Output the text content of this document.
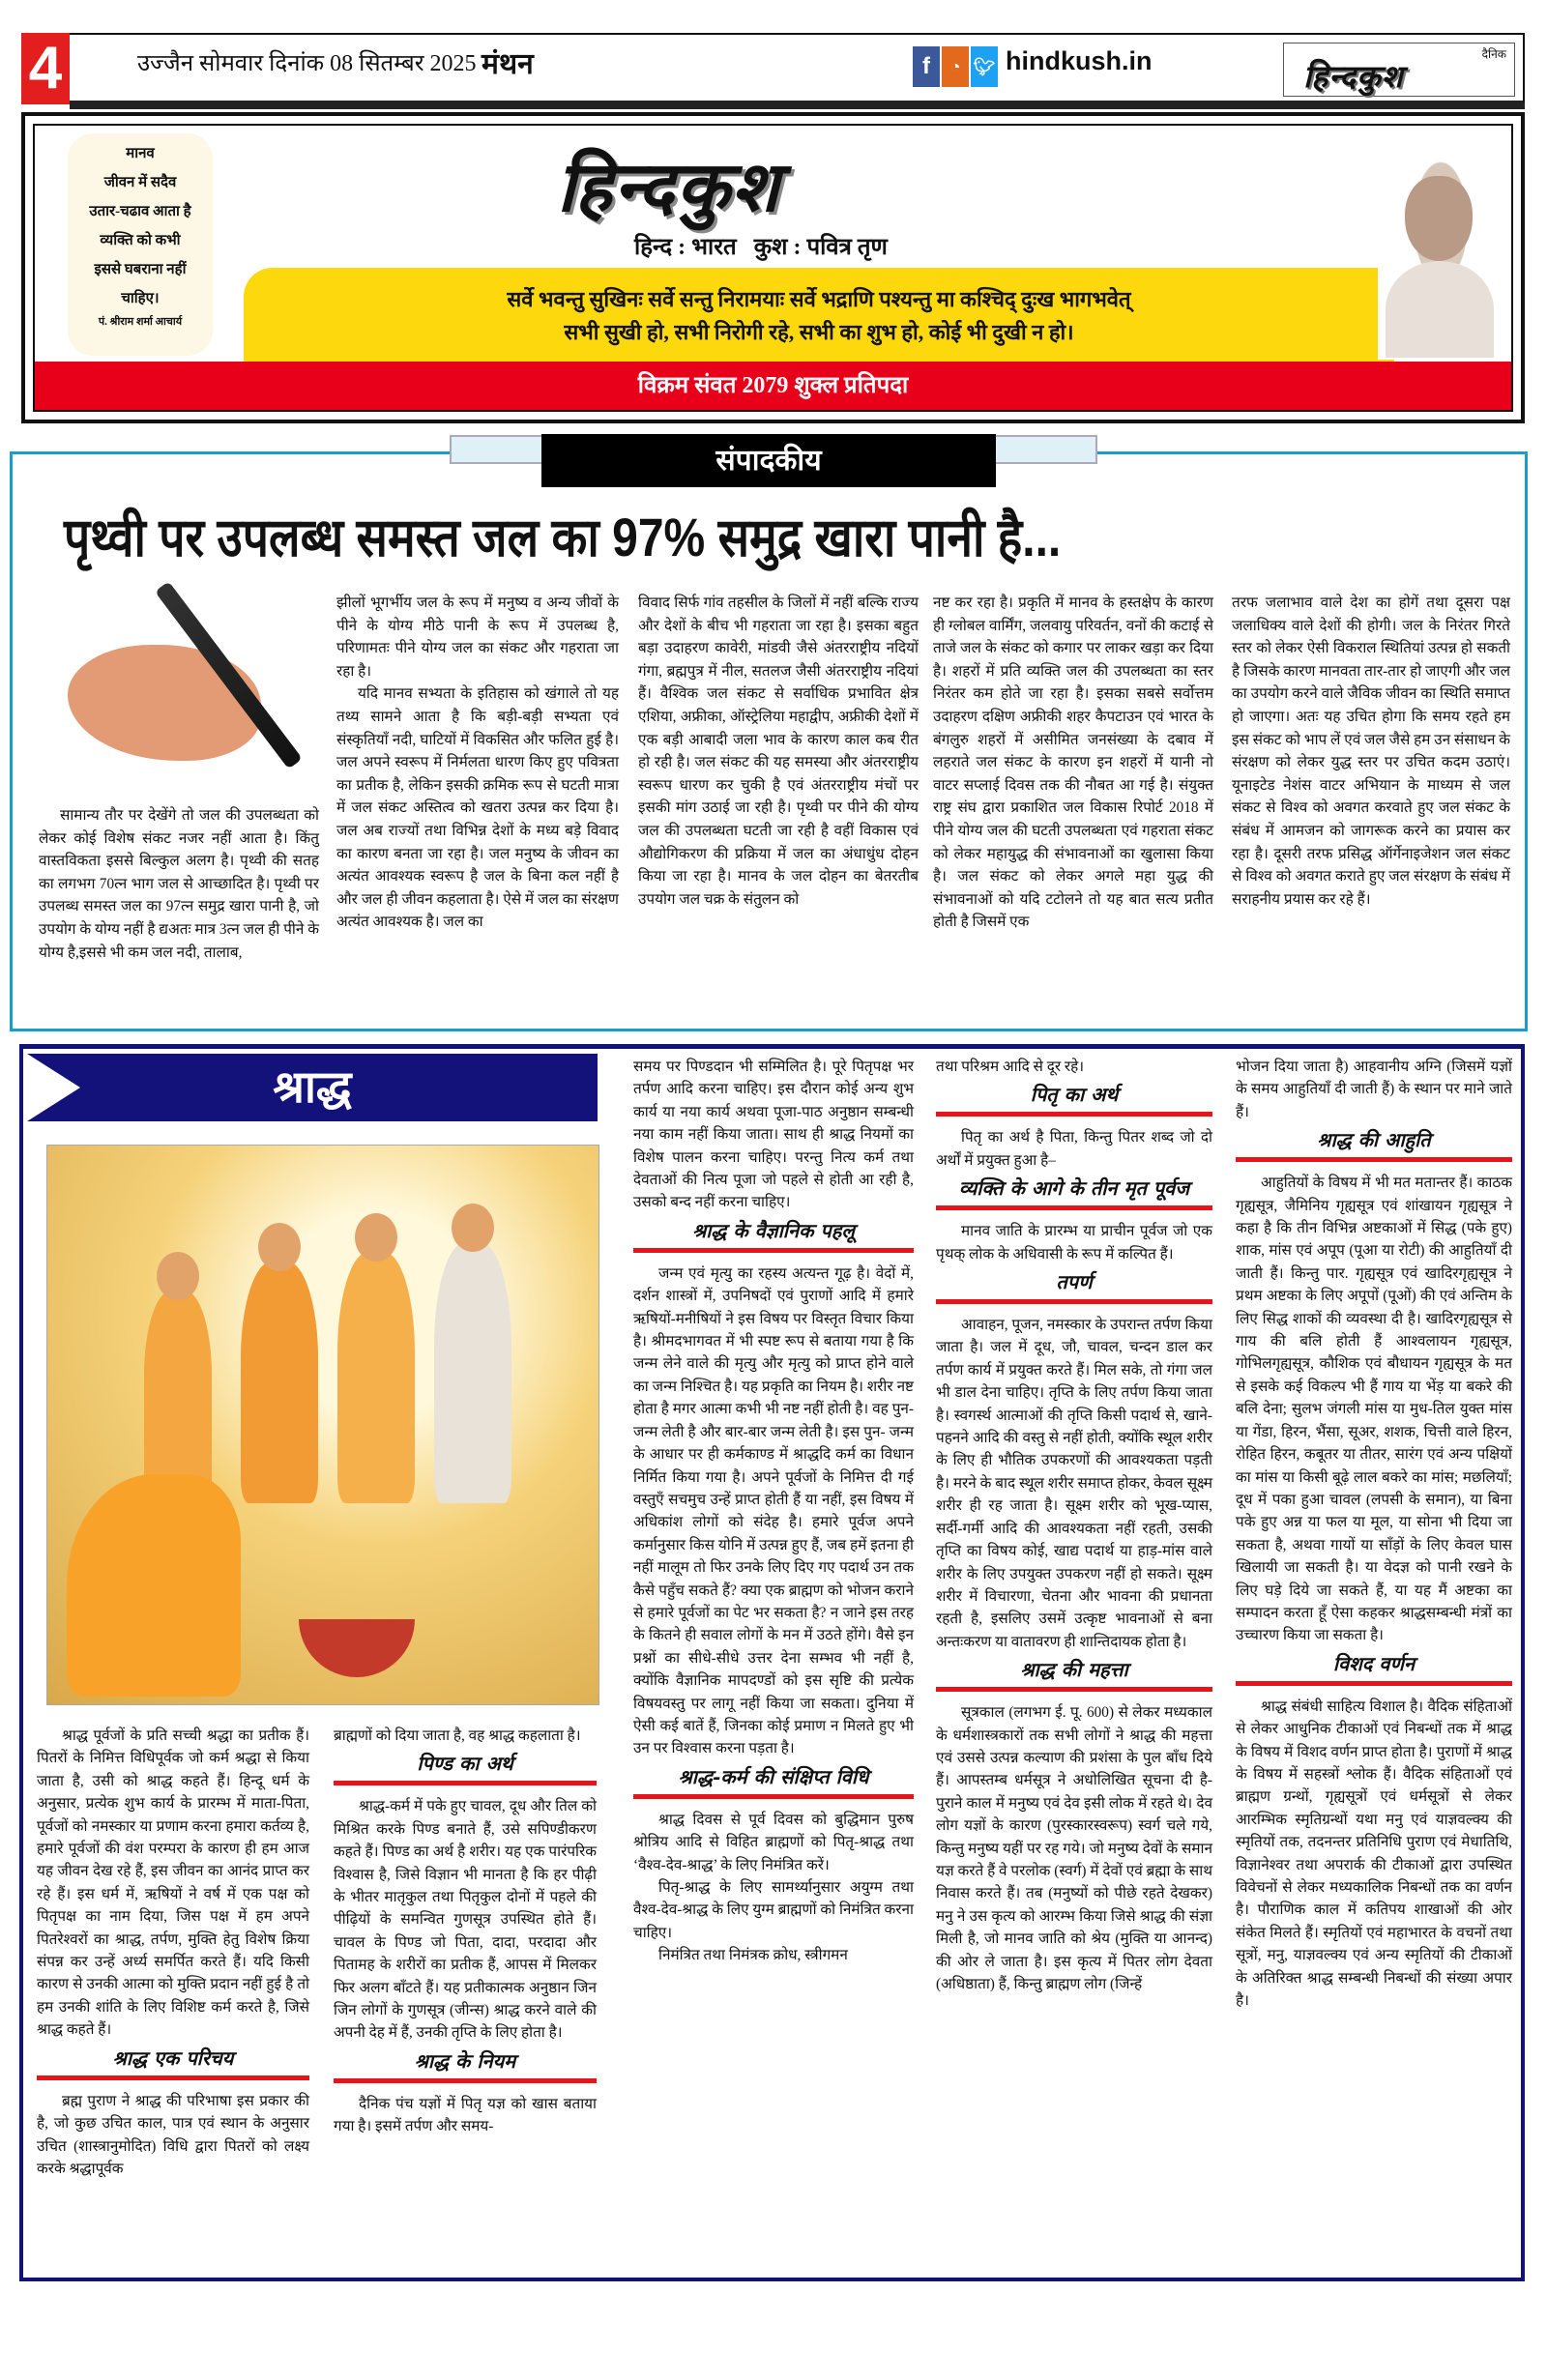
4	उज्जैन सोमवार दिनांक 08 सितम्बर 2025 मंथन	f	◔ 🐦︎ hindkush.in	दैनिक
हिन्दकुश
मानव
जीवन में सदैव
उतार-चढाव आता है
व्यक्ति को कभी
इससे घबराना नहीं
चाहिए।
पं. श्रीराम शर्मा आचार्य
हिन्दकुश
हिन्द : भारत   कुश : पवित्र तृण
सर्वे भवन्तु सुखिनः सर्वे सन्तु निरामयाः सर्वे भद्राणि पश्यन्तु मा कश्चिद् दुःख भागभवेत्
सभी सुखी हो, सभी निरोगी रहे, सभी का शुभ हो, कोई भी दुखी न हो।
विक्रम संवत 2079 शुक्ल प्रतिपदा
संपादकीय
पृथ्वी पर उपलब्ध समस्त जल का 97% समुद्र खारा पानी है...

सामान्य तौर पर देखेंगे तो जल की उपलब्धता को लेकर कोई विशेष संकट नजर नहीं आता है। किंतु वास्तविकता इससे बिल्कुल अलग है। पृथ्वी की सतह का लगभग 70त्न भाग जल से आच्छादित है। पृथ्वी पर उपलब्ध समस्त जल का 97त्न समुद्र खारा पानी है, जो उपयोग के योग्य नहीं है द्यअतः मात्र 3त्न जल ही पीने के योग्य है,इससे भी कम जल नदी, तालाब,

झीलों भूगर्भीय जल के रूप में मनुष्य व अन्य जीवों के पीने के योग्य मीठे पानी के रूप में उपलब्ध है, परिणामतः पीने योग्य जल का संकट और गहराता जा रहा है।

यदि मानव सभ्यता के इतिहास को खंगाले तो यह तथ्य सामने आता है कि बड़ी-बड़ी सभ्यता एवं संस्कृतियाँ नदी, घाटियों में विकसित और फलित हुई है। जल अपने स्वरूप में निर्मलता धारण किए हुए पवित्रता का प्रतीक है, लेकिन इसकी क्रमिक रूप से घटती मात्रा में जल संकट अस्तित्व को खतरा उत्पन्न कर दिया है। जल अब राज्यों तथा विभिन्न देशों के मध्य बड़े विवाद का कारण बनता जा रहा है। जल मनुष्य के जीवन का अत्यंत आवश्यक स्वरूप है जल के बिना कल नहीं है और जल ही जीवन कहलाता है। ऐसे में जल का संरक्षण अत्यंत आवश्यक है। जल का

विवाद सिर्फ गांव तहसील के जिलों में नहीं बल्कि राज्य और देशों के बीच भी गहराता जा रहा है। इसका बहुत बड़ा उदाहरण कावेरी, मांडवी जैसे अंतरराष्ट्रीय नदियों गंगा, ब्रह्मपुत्र में नील, सतलज जैसी अंतरराष्ट्रीय नदियां हैं। वैश्विक जल संकट से सर्वाधिक प्रभावित क्षेत्र एशिया, अफ्रीका, ऑस्ट्रेलिया महाद्वीप, अफ्रीकी देशों में एक बड़ी आबादी जला भाव के कारण काल कब रीत हो रही है। जल संकट की यह समस्या और अंतरराष्ट्रीय स्वरूप धारण कर चुकी है एवं अंतरराष्ट्रीय मंचों पर इसकी मांग उठाई जा रही है। पृथ्वी पर पीने की योग्य जल की उपलब्धता घटती जा रही है वहीं विकास एवं औद्योगिकरण की प्रक्रिया में जल का अंधाधुंध दोहन किया जा रहा है। मानव के जल दोहन का बेतरतीब उपयोग जल चक्र के संतुलन को

नष्ट कर रहा है। प्रकृति में मानव के हस्तक्षेप के कारण ही ग्लोबल वार्मिंग, जलवायु परिवर्तन, वनों की कटाई से ताजे जल के संकट को कगार पर लाकर खड़ा कर दिया है। शहरों में प्रति व्यक्ति जल की उपलब्धता का स्तर निरंतर कम होते जा रहा है। इसका सबसे सर्वोत्तम उदाहरण दक्षिण अफ्रीकी शहर कैपटाउन एवं भारत के बंगलुरु शहरों में असीमित जनसंख्या के दबाव में लहराते जल संकट के कारण इन शहरों में यानी नो वाटर सप्लाई दिवस तक की नौबत आ गई है। संयुक्त राष्ट्र संघ द्वारा प्रकाशित जल विकास रिपोर्ट 2018 में पीने योग्य जल की घटती उपलब्धता एवं गहराता संकट को लेकर महायुद्ध की संभावनाओं का खुलासा किया है। जल संकट को लेकर अगले महा युद्ध की संभावनाओं को यदि टटोलने तो यह बात सत्य प्रतीत होती है जिसमें एक

तरफ जलाभाव वाले देश का होगें तथा दूसरा पक्ष जलाधिक्य वाले देशों की होगी। जल के निरंतर गिरते स्तर को लेकर ऐसी विकराल स्थितियां उत्पन्न हो सकती है जिसके कारण मानवता तार-तार हो जाएगी और जल का उपयोग करने वाले जैविक जीवन का स्थिति समाप्त हो जाएगा। अतः यह उचित होगा कि समय रहते हम इस संकट को भाप लें एवं जल जैसे हम उन संसाधन के संरक्षण को लेकर युद्ध स्तर पर उचित कदम उठाएं। यूनाइटेड नेशंस वाटर अभियान के माध्यम से जल संकट से विश्व को अवगत करवाते हुए जल संकट के संबंध में आमजन को जागरूक करने का प्रयास कर रहा है। दूसरी तरफ प्रसिद्ध ऑर्गेनाइजेशन जल संकट से विश्व को अवगत कराते हुए जल संरक्षण के संबंध में सराहनीय प्रयास कर रहे हैं।

श्राद्ध

श्राद्ध पूर्वजों के प्रति सच्ची श्रद्धा का प्रतीक हैं। पितरों के निमित्त विधिपूर्वक जो कर्म श्रद्धा से किया जाता है, उसी को श्राद्ध कहते हैं। हिन्दू धर्म के अनुसार, प्रत्येक शुभ कार्य के प्रारम्भ में माता-पिता, पूर्वजों को नमस्कार या प्रणाम करना हमारा कर्तव्य है, हमारे पूर्वजों की वंश परम्परा के कारण ही हम आज यह जीवन देख रहे हैं, इस जीवन का आनंद प्राप्त कर रहे हैं। इस धर्म में, ऋषियों ने वर्ष में एक पक्ष को पितृपक्ष का नाम दिया, जिस पक्ष में हम अपने पितरेश्वरों का श्राद्ध, तर्पण, मुक्ति हेतु विशेष क्रिया संपन्न कर उन्हें अर्ध्य समर्पित करते हैं। यदि किसी कारण से उनकी आत्मा को मुक्ति प्रदान नहीं हुई है तो हम उनकी शांति के लिए विशिष्ट कर्म करते है, जिसे श्राद्ध कहते हैं।

श्राद्ध एक परिचय

ब्रह्म पुराण ने श्राद्ध की परिभाषा इस प्रकार की है, जो कुछ उचित काल, पात्र एवं स्थान के अनुसार उचित (शास्त्रानुमोदित) विधि द्वारा पितरों को लक्ष्य करके श्रद्धापूर्वक

ब्राह्मणों को दिया जाता है, वह श्राद्ध कहलाता है।

पिण्ड का अर्थ

श्राद्ध-कर्म में पके हुए चावल, दूध और तिल को मिश्रित करके पिण्ड बनाते हैं, उसे सपिण्डीकरण कहते हैं। पिण्ड का अर्थ है शरीर। यह एक पारंपरिक विश्वास है, जिसे विज्ञान भी मानता है कि हर पीढ़ी के भीतर मातृकुल तथा पितृकुल दोनों में पहले की पीढ़ियों के समन्वित गुणसूत्र उपस्थित होते हैं। चावल के पिण्ड जो पिता, दादा, परदादा और पितामह के शरीरों का प्रतीक हैं, आपस में मिलकर फिर अलग बाँटते हैं। यह प्रतीकात्मक अनुष्ठान जिन जिन लोगों के गुणसूत्र (जीन्स) श्राद्ध करने वाले की अपनी देह में हैं, उनकी तृप्ति के लिए होता है।

श्राद्ध के नियम

दैनिक पंच यज्ञों में पितृ यज्ञ को खास बताया गया है। इसमें तर्पण और समय-

समय पर पिण्डदान भी सम्मिलित है। पूरे पितृपक्ष भर तर्पण आदि करना चाहिए। इस दौरान कोई अन्य शुभ कार्य या नया कार्य अथवा पूजा-पाठ अनुष्ठान सम्बन्धी नया काम नहीं किया जाता। साथ ही श्राद्ध नियमों का विशेष पालन करना चाहिए। परन्तु नित्य कर्म तथा देवताओं की नित्य पूजा जो पहले से होती आ रही है, उसको बन्द नहीं करना चाहिए।

श्राद्ध के वैज्ञानिक पहलू

जन्म एवं मृत्यु का रहस्य अत्यन्त गूढ़ है। वेदों में, दर्शन शास्त्रों में, उपनिषदों एवं पुराणों आदि में हमारे ऋषियों-मनीषियों ने इस विषय पर विस्तृत विचार किया है। श्रीमदभागवत में भी स्पष्ट रूप से बताया गया है कि जन्म लेने वाले की मृत्यु और मृत्यु को प्राप्त होने वाले का जन्म निश्चित है। यह प्रकृति का नियम है। शरीर नष्ट होता है मगर आत्मा कभी भी नष्ट नहीं होती है। वह पुन- जन्म लेती है और बार-बार जन्म लेती है। इस पुन- जन्म के आधार पर ही कर्मकाण्ड में श्राद्धदि कर्म का विधान निर्मित किया गया है। अपने पूर्वजों के निमित्त दी गई वस्तुएँ सचमुच उन्हें प्राप्त होती हैं या नहीं, इस विषय में अधिकांश लोगों को संदेह है। हमारे पूर्वज अपने कर्मानुसार किस योनि में उत्पन्न हुए हैं, जब हमें इतना ही नहीं मालूम तो फिर उनके लिए दिए गए पदार्थ उन तक कैसे पहुँच सकते हैं? क्या एक ब्राह्मण को भोजन कराने से हमारे पूर्वजों का पेट भर सकता है? न जाने इस तरह के कितने ही सवाल लोगों के मन में उठते होंगे। वैसे इन प्रश्नों का सीधे-सीधे उत्तर देना सम्भव भी नहीं है, क्योंकि वैज्ञानिक मापदण्डों को इस सृष्टि की प्रत्येक विषयवस्तु पर लागू नहीं किया जा सकता। दुनिया में ऐसी कई बातें हैं, जिनका कोई प्रमाण न मिलते हुए भी उन पर विश्वास करना पड़ता है।

श्राद्ध-कर्म की संक्षिप्त विधि

श्राद्ध दिवस से पूर्व दिवस को बुद्धिमान पुरुष श्रोत्रिय आदि से विहित ब्राह्मणों को पितृ-श्राद्ध तथा ‘वैश्व-देव-श्राद्ध’ के लिए निमंत्रित करें।

पितृ-श्राद्ध के लिए सामर्थ्यानुसार अयुग्म तथा वैश्व-देव-श्राद्ध के लिए युग्म ब्राह्मणों को निमंत्रित करना चाहिए।

निमंत्रित तथा निमंत्रक क्रोध, स्त्रीगमन

तथा परिश्रम आदि से दूर रहे।

पितृ का अर्थ

पितृ का अर्थ है पिता, किन्तु पितर शब्द जो दो अर्थों में प्रयुक्त हुआ है–

व्यक्ति के आगे के तीन मृत पूर्वज

मानव जाति के प्रारम्भ या प्राचीन पूर्वज जो एक पृथक् लोक के अधिवासी के रूप में कल्पित हैं।

तपर्ण

आवाहन, पूजन, नमस्कार के उपरान्त तर्पण किया जाता है। जल में दूध, जौ, चावल, चन्दन डाल कर तर्पण कार्य में प्रयुक्त करते हैं। मिल सके, तो गंगा जल भी डाल देना चाहिए। तृप्ति के लिए तर्पण किया जाता है। स्वगर्स्थ आत्माओं की तृप्ति किसी पदार्थ से, खाने-पहनने आदि की वस्तु से नहीं होती, क्योंकि स्थूल शरीर के लिए ही भौतिक उपकरणों की आवश्यकता पड़ती है। मरने के बाद स्थूल शरीर समाप्त होकर, केवल सूक्ष्म शरीर ही रह जाता है। सूक्ष्म शरीर को भूख-प्यास, सर्दी-गर्मी आदि की आवश्यकता नहीं रहती, उसकी तृप्ति का विषय कोई, खाद्य पदार्थ या हाड़-मांस वाले शरीर के लिए उपयुक्त उपकरण नहीं हो सकते। सूक्ष्म शरीर में विचारणा, चेतना और भावना की प्रधानता रहती है, इसलिए उसमें उत्कृष्ट भावनाओं से बना अन्तःकरण या वातावरण ही शान्तिदायक होता है।

श्राद्ध की महत्ता

सूत्रकाल (लगभग ई. पू. 600) से लेकर मध्यकाल के धर्मशास्त्रकारों तक सभी लोगों ने श्राद्ध की महत्ता एवं उससे उत्पन्न कल्याण की प्रशंसा के पुल बाँध दिये हैं। आपस्तम्ब धर्मसूत्र ने अधोलिखित सूचना दी है- पुराने काल में मनुष्य एवं देव इसी लोक में रहते थे। देव लोग यज्ञों के कारण (पुरस्कारस्वरूप) स्वर्ग चले गये, किन्तु मनुष्य यहीं पर रह गये। जो मनुष्य देवों के समान यज्ञ करते हैं वे परलोक (स्वर्ग) में देवों एवं ब्रह्मा के साथ निवास करते हैं। तब (मनुष्यों को पीछे रहते देखकर) मनु ने उस कृत्य को आरम्भ किया जिसे श्राद्ध की संज्ञा मिली है, जो मानव जाति को श्रेय (मुक्ति या आनन्द) की ओर ले जाता है। इस कृत्य में पितर लोग देवता (अधिष्ठाता) हैं, किन्तु ब्राह्मण लोग (जिन्हें

भोजन दिया जाता है) आहवानीय अग्नि (जिसमें यज्ञों के समय आहुतियाँ दी जाती हैं) के स्थान पर माने जाते हैं।

श्राद्ध की आहुति

आहुतियों के विषय में भी मत मतान्तर हैं। काठक गृह्यसूत्र, जैमिनिय गृह्यसूत्र एवं शांखायन गृह्यसूत्र ने कहा है कि तीन विभिन्न अष्टकाओं में सिद्ध (पके हुए) शाक, मांस एवं अपूप (पूआ या रोटी) की आहुतियाँ दी जाती हैं। किन्तु पार. गृह्यसूत्र एवं खादिरगृह्यसूत्र ने प्रथम अष्टका के लिए अपूपों (पूओं) की एवं अन्तिम के लिए सिद्ध शाकों की व्यवस्था दी है। खादिरगृह्यसूत्र से गाय की बलि होती हैं आश्वलायन गृह्यसूत्र, गोभिलगृह्यसूत्र, कौशिक एवं बौधायन गृह्यसूत्र के मत से इसके कई विकल्प भी हैं गाय या भेंड़ या बकरे की बलि देना; सुलभ जंगली मांस या मुध-तिल युक्त मांस या गेंडा, हिरन, भैंसा, सूअर, शशक, चित्ती वाले हिरन, रोहित हिरन, कबूतर या तीतर, सारंग एवं अन्य पक्षियों का मांस या किसी बूढ़े लाल बकरे का मांस; मछलियाँ; दूध में पका हुआ चावल (लपसी के समान), या बिना पके हुए अन्न या फल या मूल, या सोना भी दिया जा सकता है, अथवा गायों या साँड़ों के लिए केवल घास खिलायी जा सकती है। या वेदज्ञ को पानी रखने के लिए घड़े दिये जा सकते हैं, या यह मैं अष्टका का सम्पादन करता हूँ ऐसा कहकर श्राद्धसम्बन्धी मंत्रों का उच्चारण किया जा सकता है।

विशद वर्णन

श्राद्ध संबंधी साहित्य विशाल है। वैदिक संहिताओं से लेकर आधुनिक टीकाओं एवं निबन्धों तक में श्राद्ध के विषय में विशद वर्णन प्राप्त होता है। पुराणों में श्राद्ध के विषय में सहस्त्रों श्लोक हैं। वैदिक संहिताओं एवं ब्राह्मण ग्रन्थों, गृह्यसूत्रों एवं धर्मसूत्रों से लेकर आरम्भिक स्मृतिग्रन्थों यथा मनु एवं याज्ञवल्क्य की स्मृतियों तक, तदनन्तर प्रतिनिधि पुराण एवं मेधातिथि, विज्ञानेश्वर तथा अपरार्क की टीकाओं द्वारा उपस्थित विवेचनों से लेकर मध्यकालिक निबन्धों तक का वर्णन है। पौराणिक काल में कतिपय शाखाओं की ओर संकेत मिलते हैं। स्मृतियों एवं महाभारत के वचनों तथा सूत्रों, मनु, याज्ञवल्क्य एवं अन्य स्मृतियों की टीकाओं के अतिरिक्त श्राद्ध सम्बन्धी निबन्धों की संख्या अपार है।
